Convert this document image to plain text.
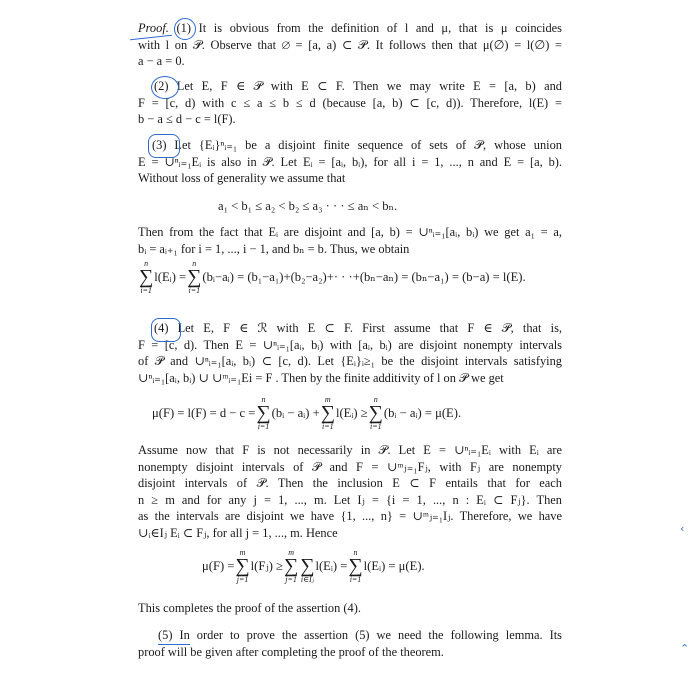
Proof. (1) It is obvious from the definition of l and μ, that is μ coincides
with l on 𝒫. Observe that ∅ = [a, a) ⊂ 𝒫. It follows then that μ(∅) = l(∅) =
a − a = 0.
(2) Let E, F ∈ 𝒫 with E ⊂ F. Then we may write E = [a, b) and
F = [c, d) with c ≤ a ≤ b ≤ d (because [a, b) ⊂ [c, d)). Therefore, l(E) =
b − a ≤ d − c = l(F).
(3) Let {Eᵢ}ⁿᵢ₌₁ be a disjoint finite sequence of sets of 𝒫, whose union
E = ∪ⁿᵢ₌₁Eᵢ is also in 𝒫. Let Eᵢ = [aᵢ, bᵢ), for all i = 1, ..., n and E = [a, b).
Without loss of generality we assume that
a₁ < b₁ ≤ a₂ < b₂ ≤ a₃ · · · ≤ aₙ < bₙ.
Then from the fact that Eᵢ are disjoint and [a, b) = ∪ⁿᵢ₌₁[aᵢ, bᵢ) we get a₁ = a,
bᵢ = aᵢ₊₁ for i = 1, ..., i − 1, and bₙ = b. Thus, we obtain
n
∑
i=1
l(Eᵢ) =
n
∑
i=1
(bᵢ−aᵢ) = (b₁−a₁)+(b₂−a₂)+· · ·+(bₙ−aₙ) = (bₙ−a₁) = (b−a) = l(E).
(4) Let E, F ∈ ℛ with E ⊂ F. First assume that F ∈ 𝒫, that is,
F = [c, d). Then E = ∪ⁿᵢ₌₁[aᵢ, bᵢ) with [aᵢ, bᵢ) are disjoint nonempty intervals
of 𝒫 and ∪ⁿᵢ₌₁[aᵢ, bᵢ) ⊂ [c, d). Let {Eᵢ}ᵢ≥₁ be the disjoint intervals satisfying
∪ⁿᵢ₌₁[aᵢ, bᵢ) ∪ ∪ᵐᵢ₌₁Ei = F . Then by the finite additivity of l on 𝒫 we get
μ(F) = l(F) = d − c =
n
∑
i=1
(bᵢ − aᵢ) +
m
∑
i=1
l(Eᵢ) ≥
n
∑
i=1
(bᵢ − aᵢ) = μ(E).
Assume now that F is not necessarily in 𝒫. Let E = ∪ⁿᵢ₌₁Eᵢ with Eᵢ are
nonempty disjoint intervals of 𝒫 and F = ∪ᵐⱼ₌₁Fⱼ, with Fⱼ are nonempty
disjoint intervals of 𝒫. Then the inclusion E ⊂ F entails that for each
n ≥ m and for any j = 1, ..., m. Let Iⱼ = {i = 1, ..., n : Eᵢ ⊂ Fⱼ}. Then
as the intervals are disjoint we have {1, ..., n} = ∪ᵐⱼ₌₁Iⱼ. Therefore, we have
∪ᵢ∈Iⱼ Eᵢ ⊂ Fⱼ, for all j = 1, ..., m. Hence
μ(F) =
m
∑
j=1
l(Fⱼ) ≥
m
∑
j=1

∑
i∈Iⱼ
l(Eᵢ) =
n
∑
i=1
l(Eᵢ) = μ(E).
This completes the proof of the assertion (4).
(5) In order to prove the assertion (5) we need the following lemma. Its
proof will be given after completing the proof of the theorem.
‹
⌃
